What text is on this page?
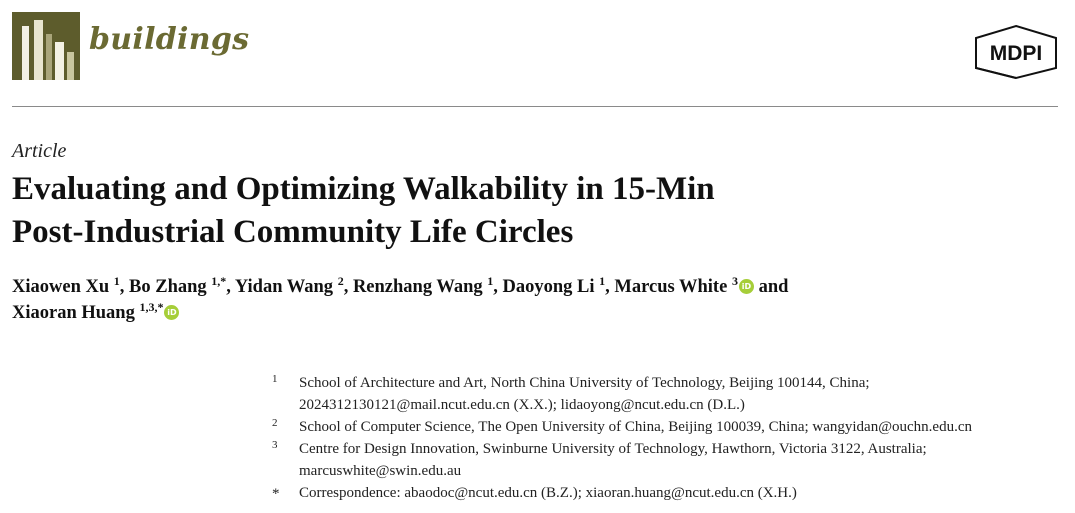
buildings	MDPI
Article
Evaluating and Optimizing Walkability in 15-Min
Post-Industrial Community Life Circles
Xiaowen Xu $^1$, Bo Zhang $^{1,*}$, Yidan Wang $^2$, Renzhang Wang $^1$, Daoyong Li $^1$, Marcus White $^3$ iD and
Xiaoran Huang $^{1,3,*}$ iD
1 School of Architecture and Art, North China University of Technology, Beijing 100144, China;
2024312130121@mail.ncut.edu.cn (X.X.); lidaoyong@ncut.edu.cn (D.L.)
2 School of Computer Science, The Open University of China, Beijing 100039, China; wangyidan@ouchn.edu.cn
3 Centre for Design Innovation, Swinburne University of Technology, Hawthorn, Victoria 3122, Australia;
marcuswhite@swin.edu.au
* Correspondence: abaodoc@ncut.edu.cn (B.Z.); xiaoran.huang@ncut.edu.cn (X.H.)
